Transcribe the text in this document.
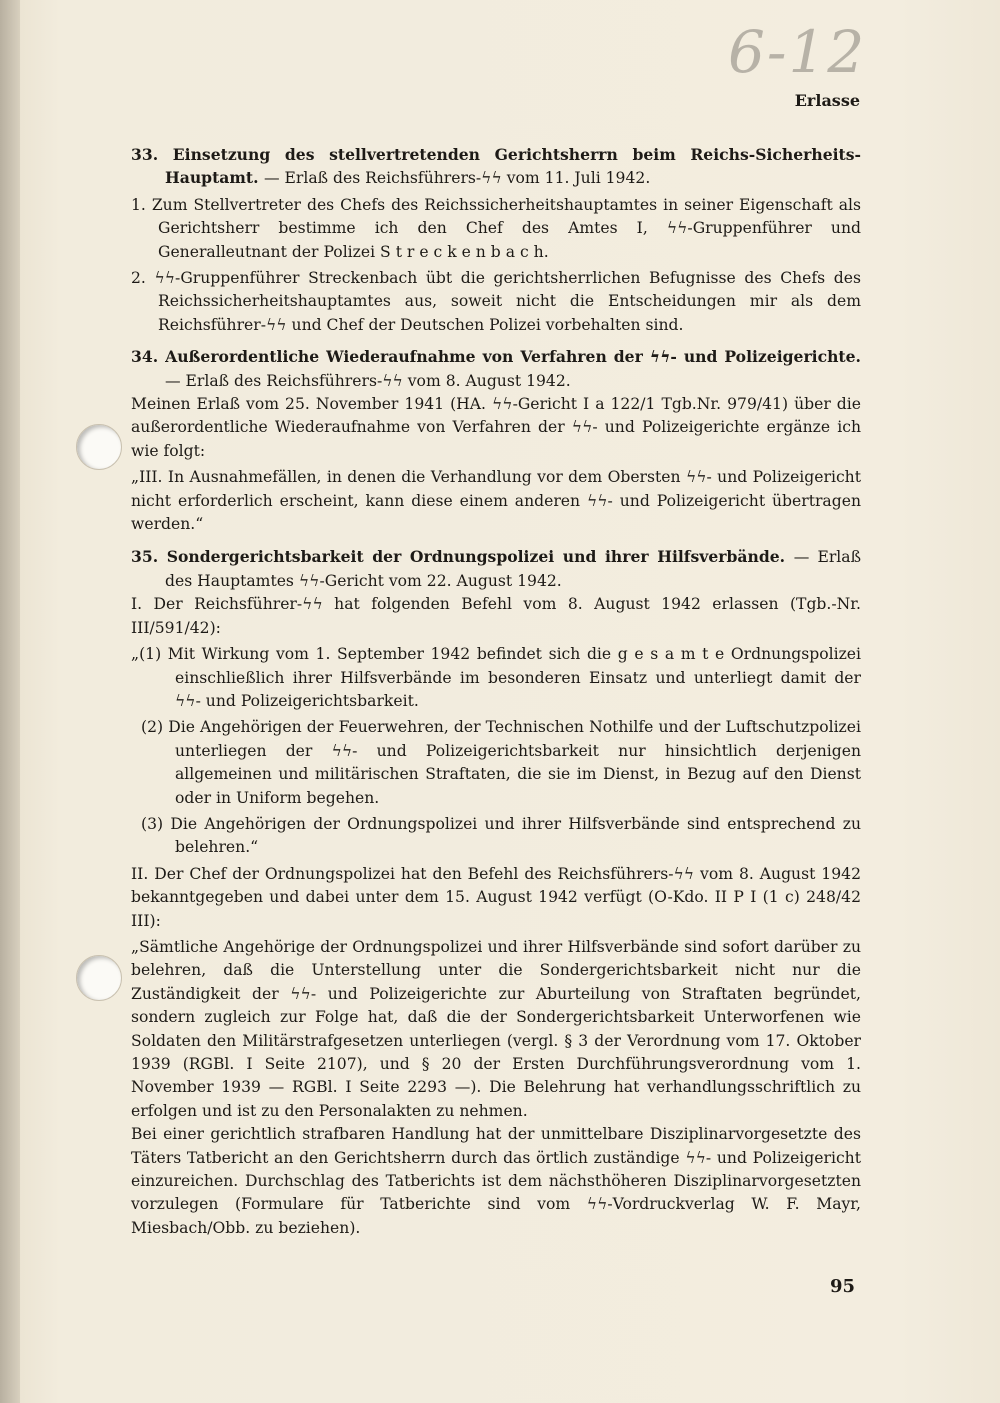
6-12
Erlasse

33. Einsetzung des stellvertretenden Gerichtsherrn beim Reichs-Sicherheits-Hauptamt. — Erlaß des Reichsführers-ϟϟ vom 11. Juli 1942.

1. Zum Stellvertreter des Chefs des Reichssicherheitshauptamtes in seiner Eigenschaft als Gerichtsherr bestimme ich den Chef des Amtes I, ϟϟ-Gruppenführer und Generalleutnant der Polizei S t r e c k e n b a c h.

2. ϟϟ-Gruppenführer Streckenbach übt die gerichtsherrlichen Befugnisse des Chefs des Reichssicherheitshauptamtes aus, soweit nicht die Entscheidungen mir als dem Reichsführer-ϟϟ und Chef der Deutschen Polizei vorbehalten sind.

34. Außerordentliche Wiederaufnahme von Verfahren der ϟϟ- und Polizeigerichte. — Erlaß des Reichsführers-ϟϟ vom 8. August 1942.

Meinen Erlaß vom 25. November 1941 (HA. ϟϟ-Gericht I a 122/1 Tgb.Nr. 979/41) über die außerordentliche Wiederaufnahme von Verfahren der ϟϟ- und Polizeigerichte ergänze ich wie folgt:

„III. In Ausnahmefällen, in denen die Verhandlung vor dem Obersten ϟϟ- und Polizeigericht nicht erforderlich erscheint, kann diese einem anderen ϟϟ- und Polizeigericht übertragen werden.“

35. Sondergerichtsbarkeit der Ordnungspolizei und ihrer Hilfsverbände. — Erlaß des Hauptamtes ϟϟ-Gericht vom 22. August 1942.

I. Der Reichsführer-ϟϟ hat folgenden Befehl vom 8. August 1942 erlassen (Tgb.-Nr. III/591/42):

„(1) Mit Wirkung vom 1. September 1942 befindet sich die g e s a m t e Ordnungspolizei einschließlich ihrer Hilfsverbände im besonderen Einsatz und unterliegt damit der ϟϟ- und Polizeigerichtsbarkeit.

(2) Die Angehörigen der Feuerwehren, der Technischen Nothilfe und der Luftschutzpolizei unterliegen der ϟϟ- und Polizeigerichtsbarkeit nur hinsichtlich derjenigen allgemeinen und militärischen Straftaten, die sie im Dienst, in Bezug auf den Dienst oder in Uniform begehen.

(3) Die Angehörigen der Ordnungspolizei und ihrer Hilfsverbände sind entsprechend zu belehren.“

II. Der Chef der Ordnungspolizei hat den Befehl des Reichsführers-ϟϟ vom 8. August 1942 bekanntgegeben und dabei unter dem 15. August 1942 verfügt (O-Kdo. II P I (1 c) 248/42 III):

„Sämtliche Angehörige der Ordnungspolizei und ihrer Hilfsverbände sind sofort darüber zu belehren, daß die Unterstellung unter die Sondergerichtsbarkeit nicht nur die Zuständigkeit der ϟϟ- und Polizeigerichte zur Aburteilung von Straftaten begründet, sondern zugleich zur Folge hat, daß die der Sondergerichtsbarkeit Unterworfenen wie Soldaten den Militärstrafgesetzen unterliegen (vergl. § 3 der Verordnung vom 17. Oktober 1939 (RGBl. I Seite 2107), und § 20 der Ersten Durchführungsverordnung vom 1. November 1939 — RGBl. I Seite 2293 —). Die Belehrung hat verhandlungsschriftlich zu erfolgen und ist zu den Personalakten zu nehmen.

Bei einer gerichtlich strafbaren Handlung hat der unmittelbare Disziplinarvorgesetzte des Täters Tatbericht an den Gerichtsherrn durch das örtlich zuständige ϟϟ- und Polizeigericht einzureichen. Durchschlag des Tatberichts ist dem nächsthöheren Disziplinarvorgesetzten vorzulegen (Formulare für Tatberichte sind vom ϟϟ-Vordruckverlag W. F. Mayr, Miesbach/Obb. zu beziehen).

95
